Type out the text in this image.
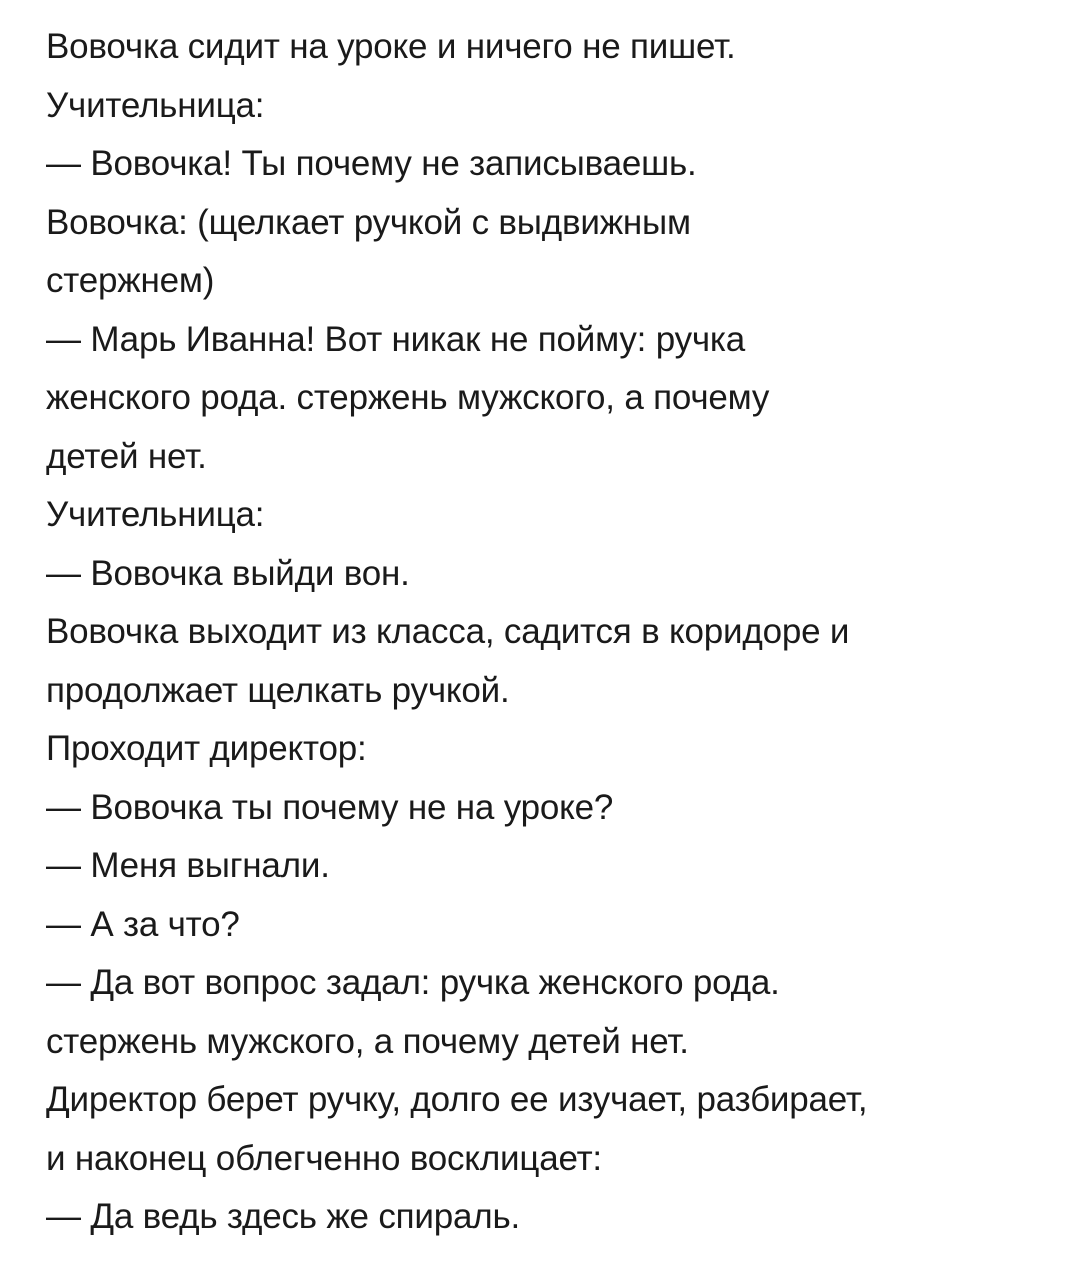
Вовочка сидит на уроке и ничего не пишет.
Учительница:
— Вовочка! Ты почему не записываешь.
Вовочка: (щелкает ручкой с выдвижным
стержнем)
— Марь Иванна! Вот никак не пойму: ручка
женского рода. стержень мужского, а почему
детей нет.
Учительница:
— Вовочка выйди вон.
Вовочка выходит из класса, садится в коридоре и
продолжает щелкать ручкой.
Проходит директор:
— Вовочка ты почему не на уроке?
— Меня выгнали.
— А за что?
— Да вот вопрос задал: ручка женского рода.
стержень мужского, а почему детей нет.
Директор берет ручку, долго ее изучает, разбирает,
и наконец облегченно восклицает:
— Да ведь здесь же спираль.
